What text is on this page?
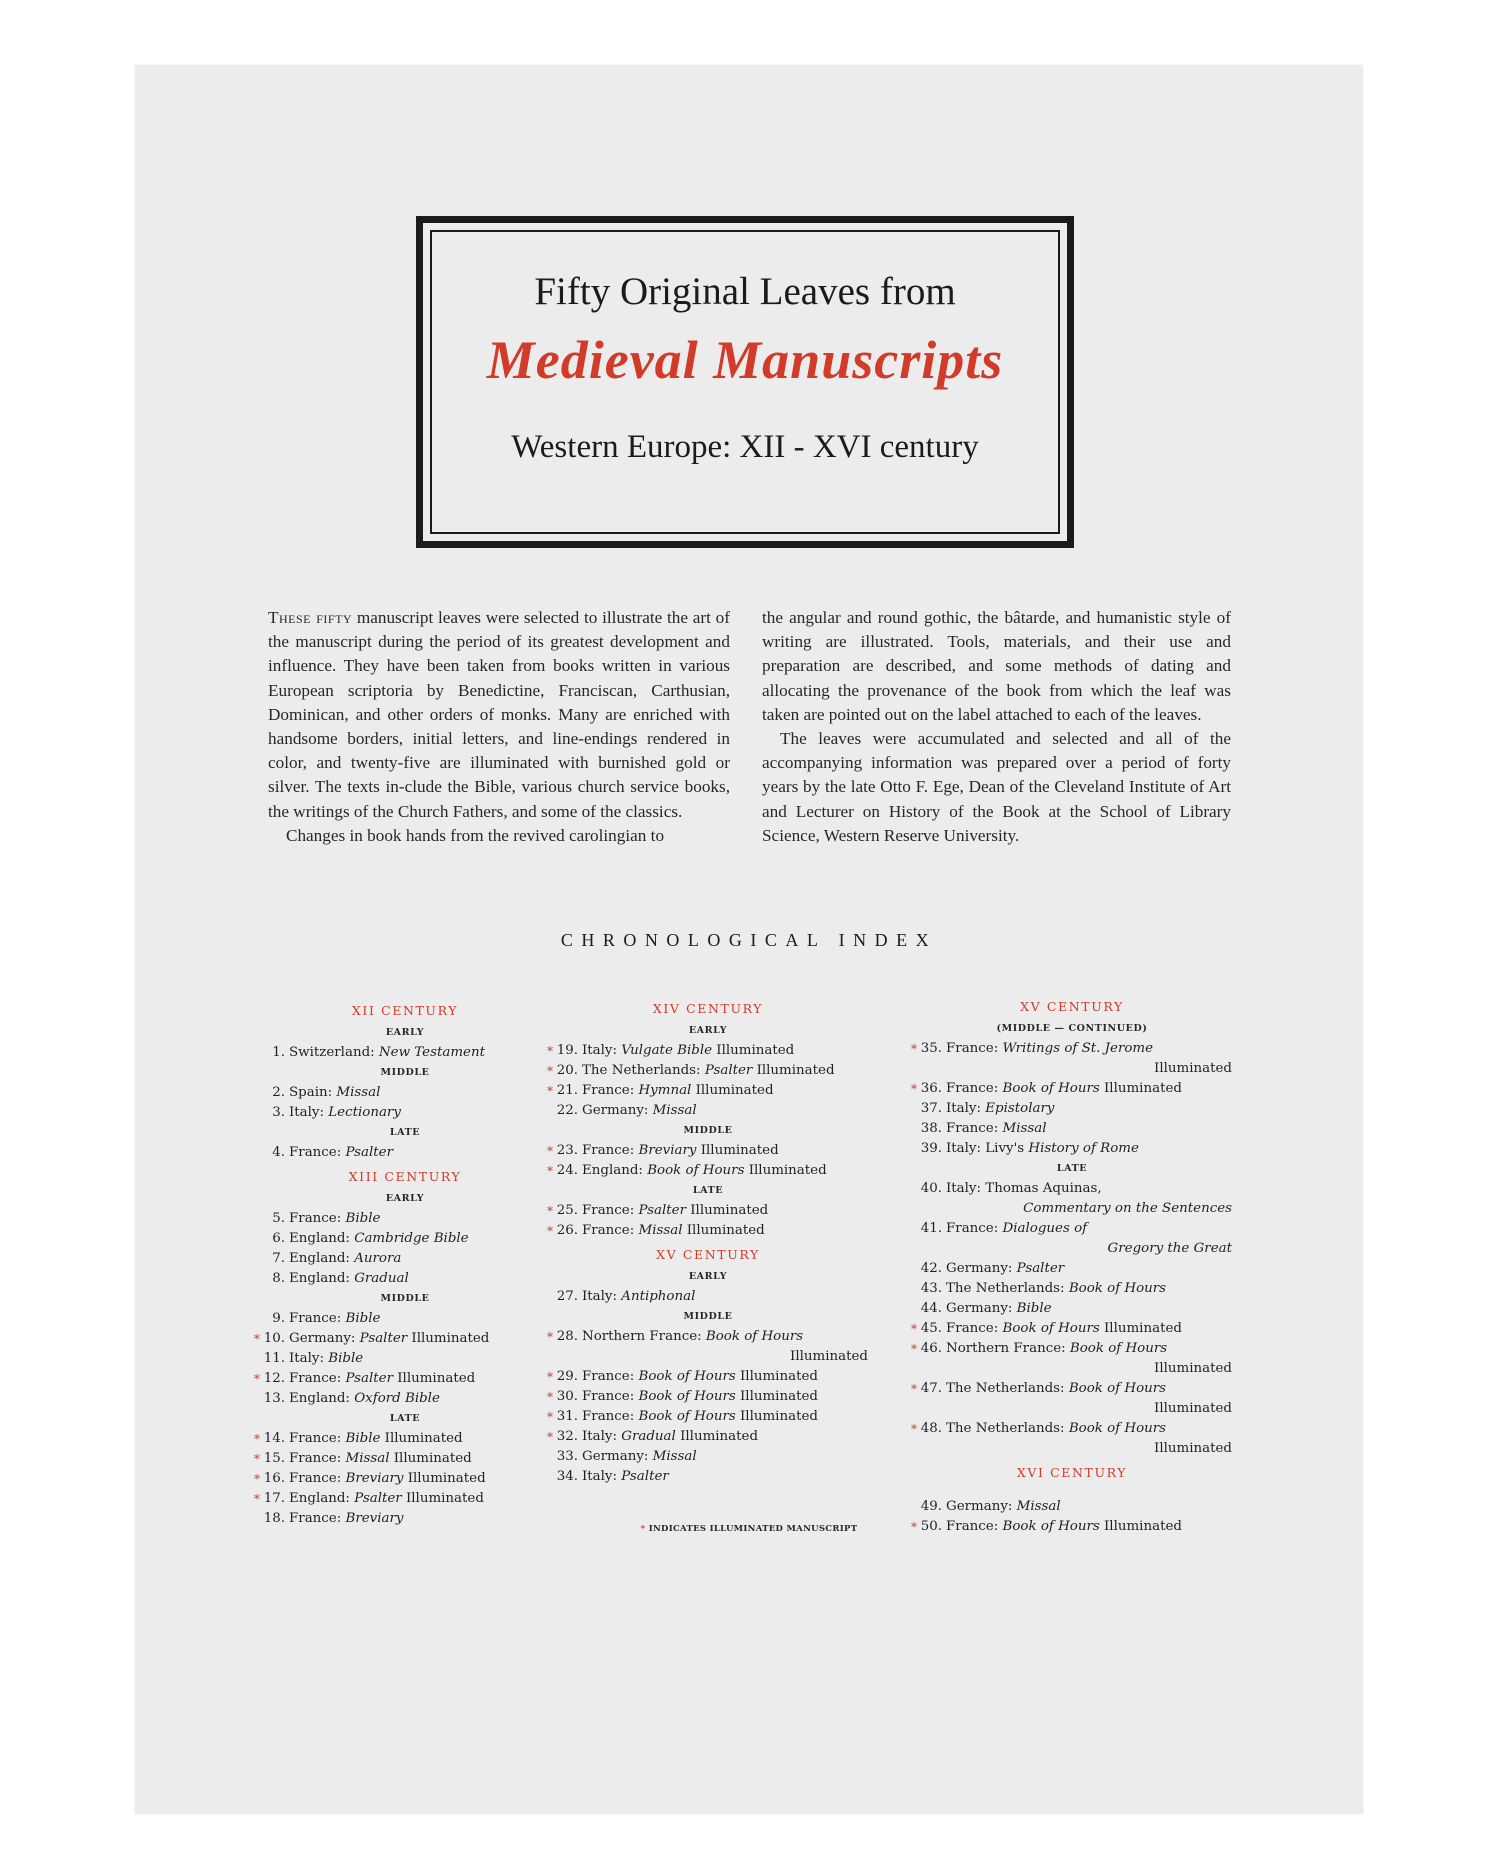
Fifty Original Leaves from
Medieval Manuscripts
Western Europe: XII - XVI century

These fifty manuscript leaves were selected to illustrate the art of the manuscript during the period of its greatest development and influence. They have been taken from books written in various European scriptoria by Benedictine, Franciscan, Carthusian, Dominican, and other orders of monks. Many are enriched with handsome borders, initial letters, and line-endings rendered in color, and twenty-five are illuminated with burnished gold or silver. The texts in-clude the Bible, various church service books, the writings of the Church Fathers, and some of the classics.

Changes in book hands from the revived carolingian to

the angular and round gothic, the bâtarde, and humanistic style of writing are illustrated. Tools, materials, and their use and preparation are described, and some methods of dating and allocating the provenance of the book from which the leaf was taken are pointed out on the label attached to each of the leaves.

The leaves were accumulated and selected and all of the accompanying information was prepared over a period of forty years by the late Otto F. Ege, Dean of the Cleveland Institute of Art and Lecturer on History of the Book at the School of Library Science, Western Reserve University.

CHRONOLOGICAL INDEX
XII CENTURY
EARLY
1. Switzerland: New Testament
MIDDLE
2. Spain: Missal
3. Italy: Lectionary
LATE
4. France: Psalter
XIII CENTURY
EARLY
5. France: Bible
6. England: Cambridge Bible
7. England: Aurora
8. England: Gradual
MIDDLE
9. France: Bible
* 10. Germany: Psalter Illuminated
11. Italy: Bible
* 12. France: Psalter Illuminated
13. England: Oxford Bible
LATE
* 14. France: Bible Illuminated
* 15. France: Missal Illuminated
* 16. France: Breviary Illuminated
* 17. England: Psalter Illuminated
18. France: Breviary
XIV CENTURY
EARLY
* 19. Italy: Vulgate Bible Illuminated
* 20. The Netherlands: Psalter Illuminated
* 21. France: Hymnal Illuminated
22. Germany: Missal
MIDDLE
* 23. France: Breviary Illuminated
* 24. England: Book of Hours Illuminated
LATE
* 25. France: Psalter Illuminated
* 26. France: Missal Illuminated
XV CENTURY
EARLY
27. Italy: Antiphonal
MIDDLE
* 28. Northern France: Book of Hours
Illuminated
* 29. France: Book of Hours Illuminated
* 30. France: Book of Hours Illuminated
* 31. France: Book of Hours Illuminated
* 32. Italy: Gradual Illuminated
33. Germany: Missal
34. Italy: Psalter
XV CENTURY
(MIDDLE — CONTINUED)
* 35. France: Writings of St. Jerome
Illuminated
* 36. France: Book of Hours Illuminated
37. Italy: Epistolary
38. France: Missal
39. Italy: Livy's History of Rome
LATE
40. Italy: Thomas Aquinas,
Commentary on the Sentences
41. France: Dialogues of
Gregory the Great
42. Germany: Psalter
43. The Netherlands: Book of Hours
44. Germany: Bible
* 45. France: Book of Hours Illuminated
* 46. Northern France: Book of Hours
Illuminated
* 47. The Netherlands: Book of Hours
Illuminated
* 48. The Netherlands: Book of Hours
Illuminated
XVI CENTURY
49. Germany: Missal
* 50. France: Book of Hours Illuminated
* INDICATES ILLUMINATED MANUSCRIPT
